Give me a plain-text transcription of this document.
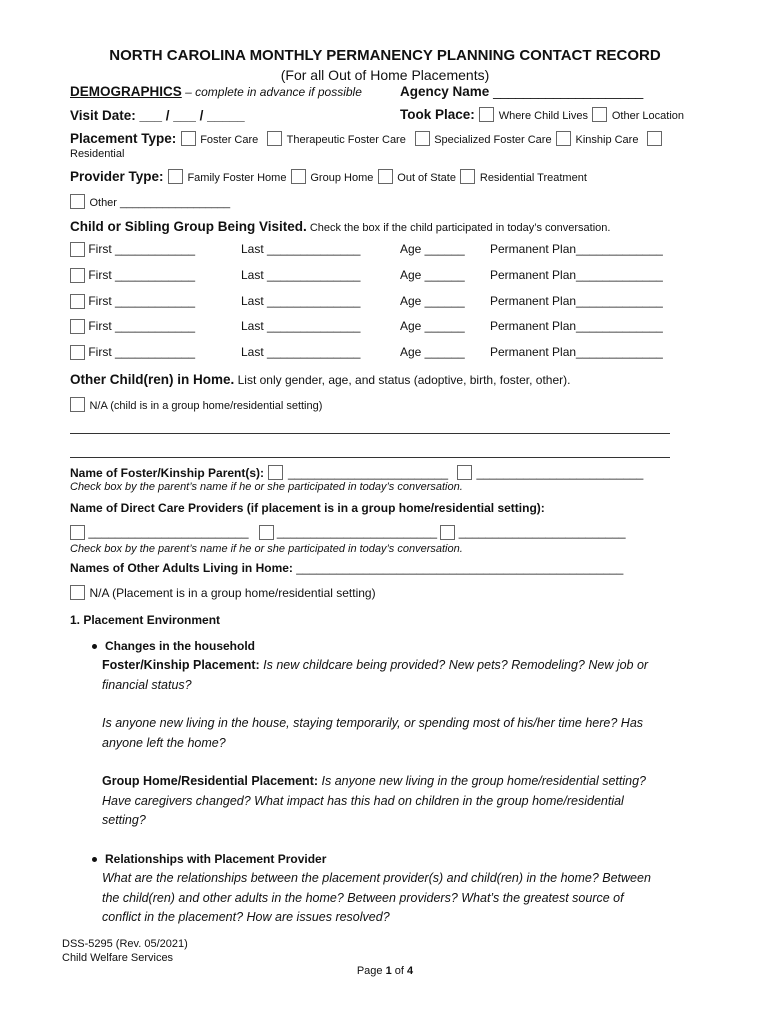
NORTH CAROLINA MONTHLY PERMANENCY PLANNING CONTACT RECORD
(For all Out of Home Placements)
DEMOGRAPHICS – complete in advance if possible	Agency Name ____________________
Visit Date: ___ / ___ / _____	Took Place: Where Child Lives Other Location
Placement Type: Foster Care	Therapeutic Foster Care	Specialized Foster Care Kinship Care
Residential
Provider Type: Family Foster Home Group Home Out of State Residential Treatment
Other __________________
Child or Sibling Group Being Visited. Check the box if the child participated in today’s conversation.
First ____________	Last ______________	Age ______ Permanent Plan_____________
First ____________	Last ______________	Age ______ Permanent Plan_____________
First ____________	Last ______________	Age ______ Permanent Plan_____________
First ____________	Last ______________	Age ______ Permanent Plan_____________
First ____________	Last ______________	Age ______ Permanent Plan_____________
Other Child(ren) in Home. List only gender, age, and status (adoptive, birth, foster, other).
N/A (child is in a group home/residential setting)
Name of Foster/Kinship Parent(s): ________________________ _________________________
Check box by the parent’s name if he or she participated in today’s conversation.
Name of Direct Care Providers (if placement is in a group home/residential setting):
________________________ ________________________ _________________________
Check box by the parent’s name if he or she participated in today’s conversation.
Names of Other Adults Living in Home: _________________________________________________
N/A (Placement is in a group home/residential setting)
1. Placement Environment
Changes in the household
Foster/Kinship Placement: Is new childcare being provided? New pets? Remodeling? New job or financial status?
Is anyone new living in the house, staying temporarily, or spending most of his/her time here? Has anyone left the home?
Group Home/Residential Placement: Is anyone new living in the group home/residential setting? Have caregivers changed? What impact has this had on children in the group home/residential setting?
Relationships with Placement Provider
What are the relationships between the placement provider(s) and child(ren) in the home? Between the child(ren) and other adults in the home? Between providers? What’s the greatest source of conflict in the placement? How are issues resolved?
DSS-5295 (Rev. 05/2021)
Child Welfare Services
Page 1 of 4
